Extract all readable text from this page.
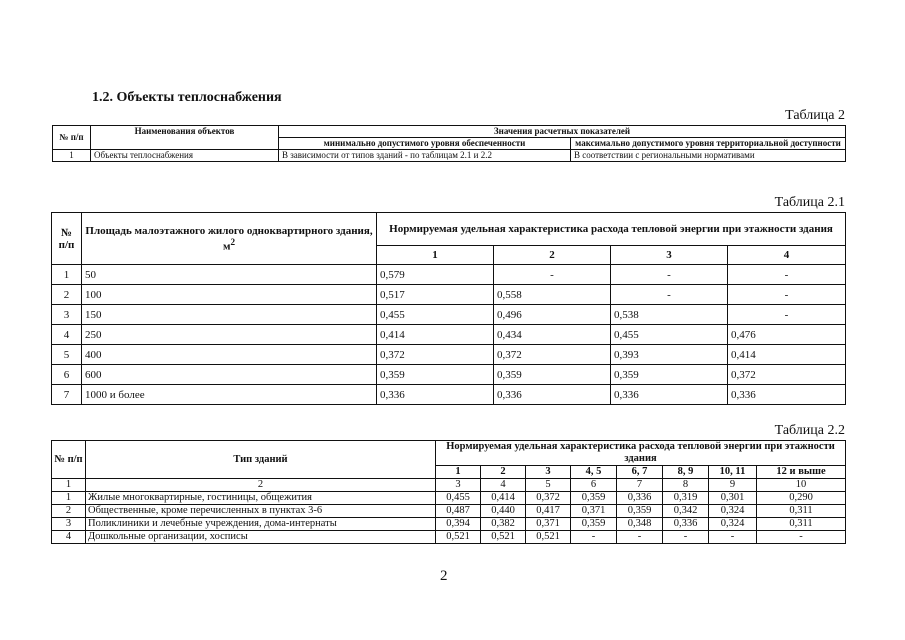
1.2. Объекты теплоснабжения
Таблица 2
№ п/п	Наименования объектов	Значения расчетных показателей	
		минимально допустимого уровня обеспеченности	максимально допустимого уровня территориальной доступности
1	Объекты теплоснабжения	В зависимости от типов зданий - по таблицам 2.1 и 2.2	В соответствии с региональными нормативами
Таблица 2.1
№ п/п	Площадь малоэтажного жилого одноквартирного здания, $м^2$	Нормируемая удельная характеристика расхода тепловой энергии при этажности здания			
		1	2	3	4
1	50	0,579	-	-	-
2	100	0,517	0,558	-	-
3	150	0,455	0,496	0,538	-
4	250	0,414	0,434	0,455	0,476
5	400	0,372	0,372	0,393	0,414
6	600	0,359	0,359	0,359	0,372
7	1000 и более	0,336	0,336	0,336	0,336
Таблица 2.2
№ п/п	Тип зданий	Нормируемая удельная характеристика расхода тепловой энергии при этажности здания							
		1	2	3	4, 5	6, 7	8, 9	10, 11	12 и выше
1	2	3	4	5	6	7	8	9	10
1	Жилые многоквартирные, гостиницы, общежития	0,455	0,414	0,372	0,359	0,336	0,319	0,301	0,290
2	Общественные, кроме перечисленных в пунктах 3-6	0,487	0,440	0,417	0,371	0,359	0,342	0,324	0,311
3	Поликлиники и лечебные учреждения, дома-интернаты	0,394	0,382	0,371	0,359	0,348	0,336	0,324	0,311
4	Дошкольные организации, хосписы	0,521	0,521	0,521	-	-	-	-	-
2
